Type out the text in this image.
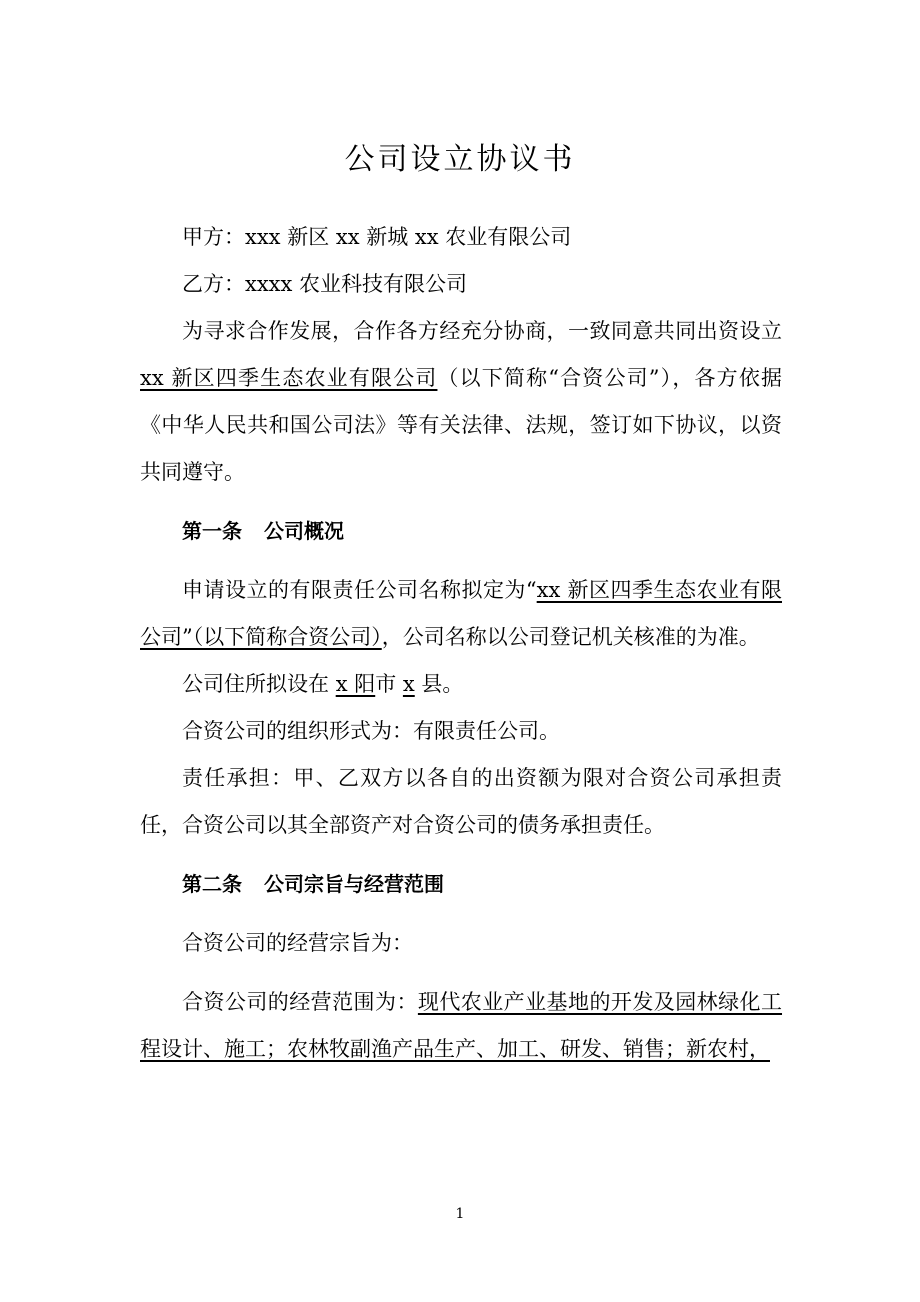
公司设立协议书

甲方：xxx 新区 xx 新城 xx 农业有限公司

乙方：xxxx 农业科技有限公司

为寻求合作发展，合作各方经充分协商，一致同意共同出资设立xx 新区四季生态农业有限公司（以下简称“合资公司”），各方依据《中华人民共和国公司法》等有关法律、法规，签订如下协议，以资共同遵守。

第一条 公司概况

申请设立的有限责任公司名称拟定为“xx 新区四季生态农业有限公司”（以下简称合资公司），公司名称以公司登记机关核准的为准。

公司住所拟设在 x 阳市 x 县。

合资公司的组织形式为：有限责任公司。

责任承担：甲、乙双方以各自的出资额为限对合资公司承担责任，合资公司以其全部资产对合资公司的债务承担责任。

第二条 公司宗旨与经营范围

合资公司的经营宗旨为：

合资公司的经营范围为：现代农业产业基地的开发及园林绿化工程设计、施工；农林牧副渔产品生产、加工、研发、销售；新农村，

1
